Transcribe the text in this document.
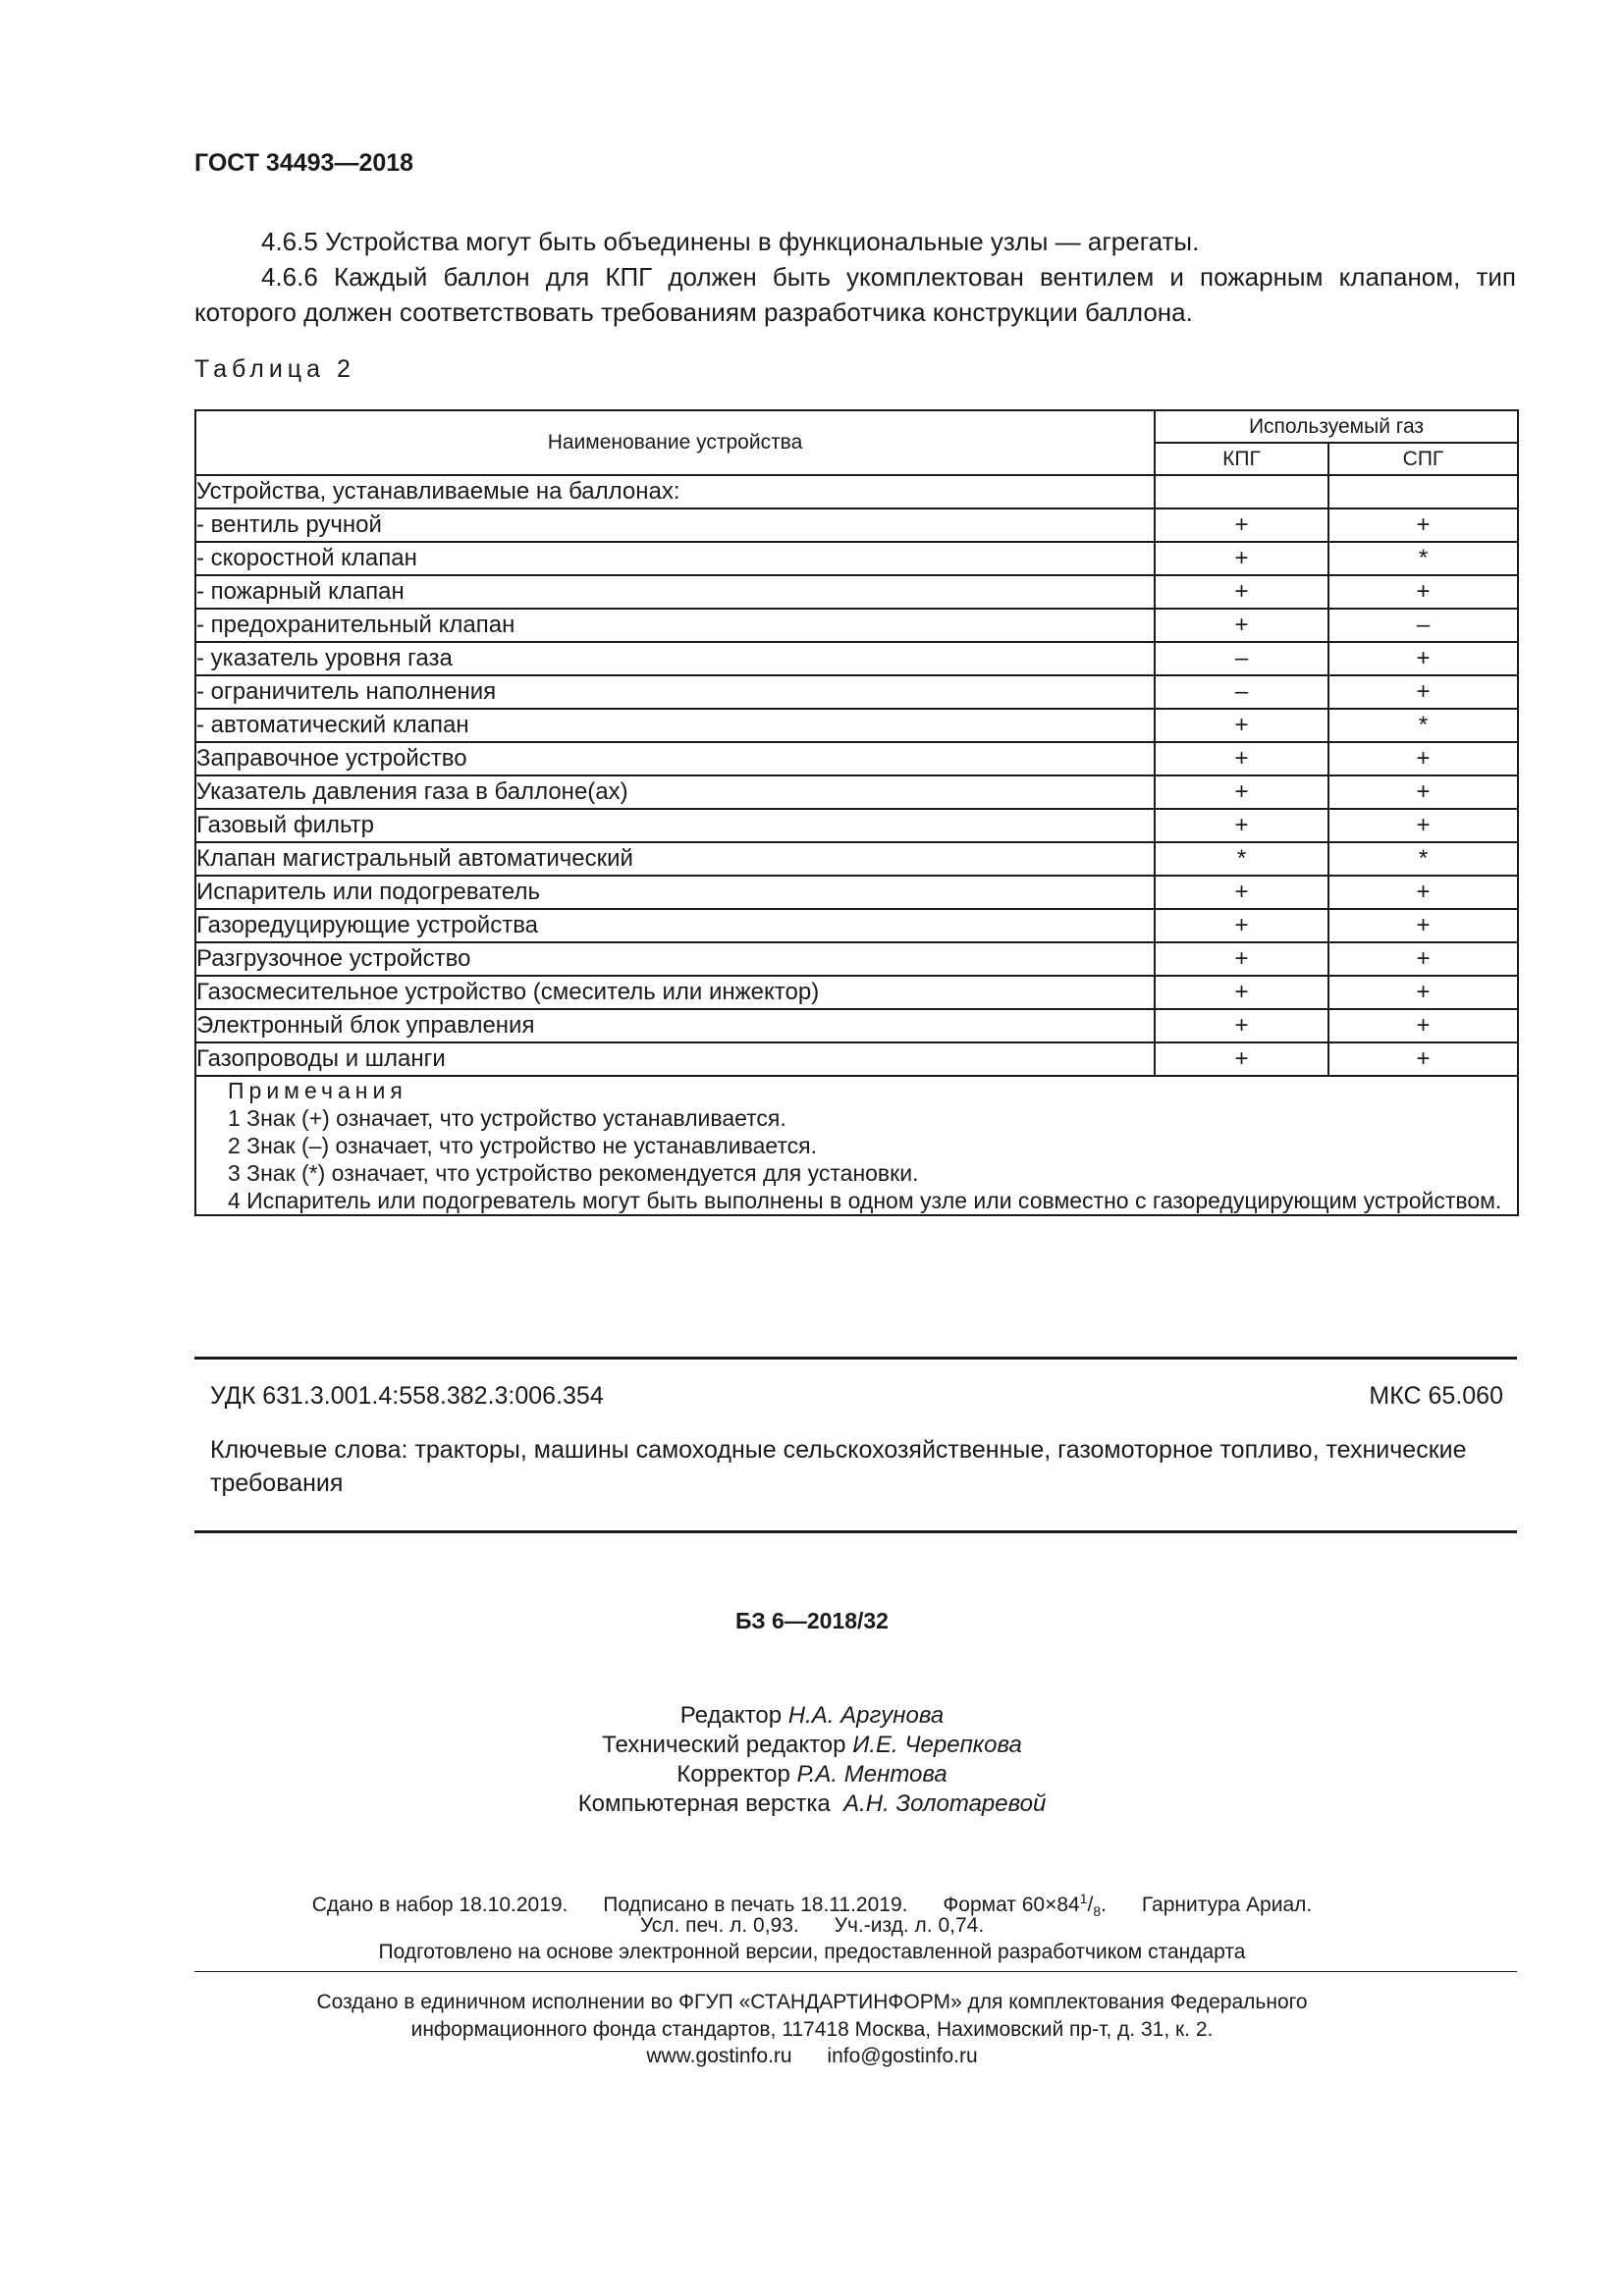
ГОСТ 34493—2018
4.6.5 Устройства могут быть объединены в функциональные узлы — агрегаты.
4.6.6 Каждый баллон для КПГ должен быть укомплектован вентилем и пожарным клапаном, тип которого должен соответствовать требованиям разработчика конструкции баллона.
Таблица 2
Наименование устройства	Используемый газ	
	КПГ	СПГ
Устройства, устанавливаемые на баллонах:		
- вентиль ручной	+	+
- скоростной клапан	+	*
- пожарный клапан	+	+
- предохранительный клапан	+	–
- указатель уровня газа	–	+
- ограничитель наполнения	–	+
- автоматический клапан	+	*
Заправочное устройство	+	+
Указатель давления газа в баллоне(ах)	+	+
Газовый фильтр	+	+
Клапан магистральный автоматический	*	*
Испаритель или подогреватель	+	+
Газоредуцирующие устройства	+	+
Разгрузочное устройство	+	+
Газосмесительное устройство (смеситель или инжектор)	+	+
Электронный блок управления	+	+
Газопроводы и шланги	+	+

Примечания
1 Знак (+) означает, что устройство устанавливается.
2 Знак (–) означает, что устройство не устанавливается.
3 Знак (*) означает, что устройство рекомендуется для установки.
4 Испаритель или подогреватель могут быть выполнены в одном узле или совместно с газоредуцирующим устройством.		
УДК 631.3.001.4:558.382.3:006.354	МКС 65.060
Ключевые слова: тракторы, машины самоходные сельскохозяйственные, газомоторное топливо, технические требования
БЗ 6—2018/32
Редактор Н.А. Аргунова
Технический редактор И.Е. Черепкова
Корректор Р.А. Ментова
Компьютерная верстка А.Н. Золотаревой
Сдано в набор 18.10.2019. Подписано в печать 18.11.2019. Формат $60\times 84^1/_8$. Гарнитура Ариал.
Усл. печ. л. 0,93. Уч.-изд. л. 0,74.
Подготовлено на основе электронной версии, предоставленной разработчиком стандарта
Создано в единичном исполнении во ФГУП «СТАНДАРТИНФОРМ» для комплектования Федерального
информационного фонда стандартов, 117418 Москва, Нахимовский пр-т, д. 31, к. 2.
www.gostinfo.ru info@gostinfo.ru
